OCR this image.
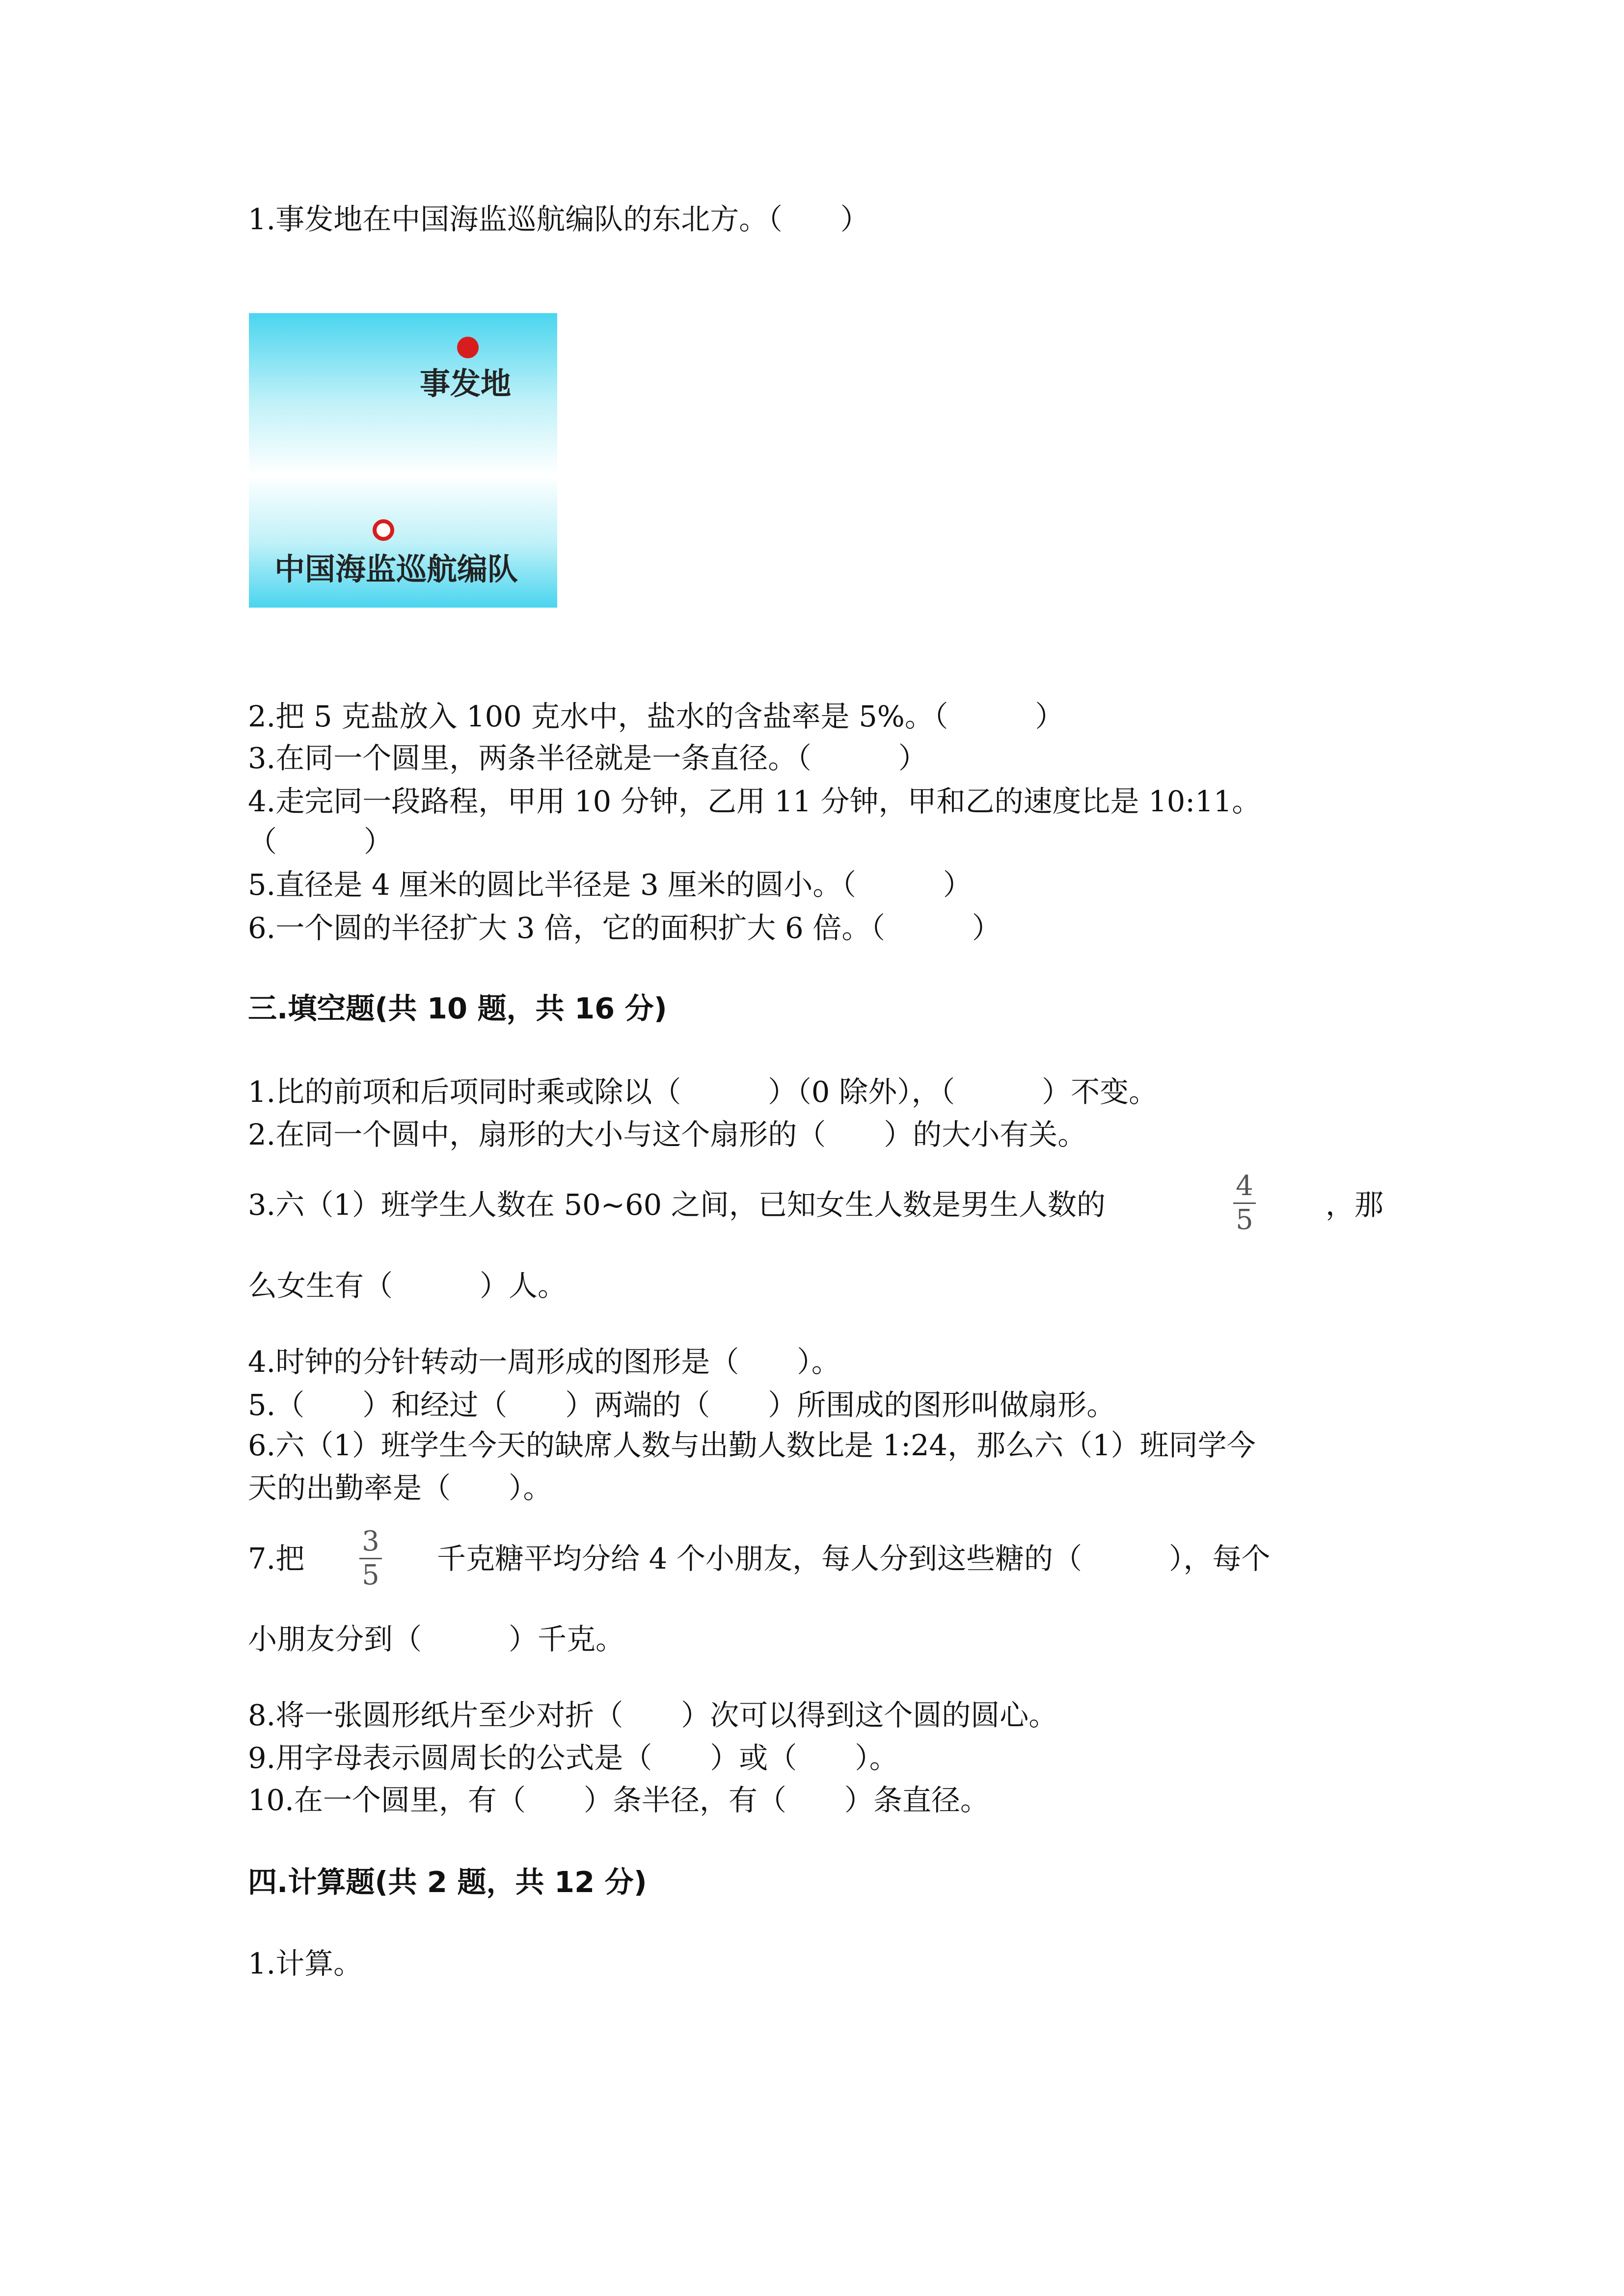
1.事发地在中国海监巡航编队的东北方。（　　）
事发地
中国海监巡航编队
2.把 5 克盐放入 100 克水中，盐水的含盐率是 5%。（　　　）
3.在同一个圆里，两条半径就是一条直径。（　　　）
4.走完同一段路程，甲用 10 分钟，乙用 11 分钟，甲和乙的速度比是 10:11。
（　　　）
5.直径是 4 厘米的圆比半径是 3 厘米的圆小。（　　　）
6.一个圆的半径扩大 3 倍，它的面积扩大 6 倍。（　　　）
三.填空题(共 10 题，共 16 分)
1.比的前项和后项同时乘或除以（　　　）（0 除外），（　　　）不变。
2.在同一个圆中，扇形的大小与这个扇形的（　　）的大小有关。
3.六（1）班学生人数在 50~60 之间，已知女生人数是男生人数的
4
5 ，那
么女生有（　　　）人。
4.时钟的分针转动一周形成的图形是（　　）。
5.（　　）和经过（　　）两端的（　　）所围成的图形叫做扇形。
6.六（1）班学生今天的缺席人数与出勤人数比是 1:24，那么六（1）班同学今
天的出勤率是（　　）。
7.把
3
5 千克糖平均分给 4 个小朋友，每人分到这些糖的（　　　），每个
小朋友分到（　　　）千克。
8.将一张圆形纸片至少对折（　　）次可以得到这个圆的圆心。
9.用字母表示圆周长的公式是（　　）或（　　）。
10.在一个圆里，有（　　）条半径，有（　　）条直径。
四.计算题(共 2 题，共 12 分)
1.计算。
